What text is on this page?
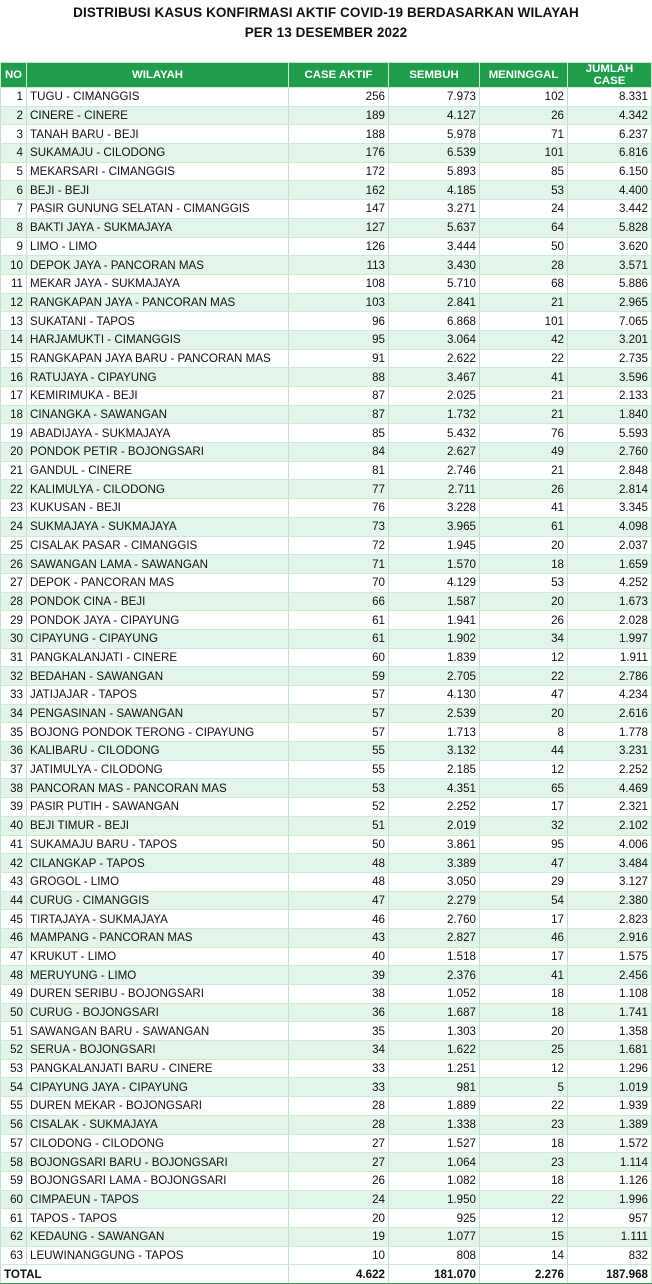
DISTRIBUSI KASUS KONFIRMASI AKTIF COVID-19 BERDASARKAN WILAYAH
PER 13 DESEMBER 2022
NO	WILAYAH	CASE AKTIF	SEMBUH	MENINGGAL	JUMLAH CASE
1	TUGU - CIMANGGIS	256	7.973	102	8.331
2	CINERE - CINERE	189	4.127	26	4.342
3	TANAH BARU - BEJI	188	5.978	71	6.237
4	SUKAMAJU - CILODONG	176	6.539	101	6.816
5	MEKARSARI - CIMANGGIS	172	5.893	85	6.150
6	BEJI - BEJI	162	4.185	53	4.400
7	PASIR GUNUNG SELATAN - CIMANGGIS	147	3.271	24	3.442
8	BAKTI JAYA - SUKMAJAYA	127	5.637	64	5.828
9	LIMO - LIMO	126	3.444	50	3.620
10	DEPOK JAYA - PANCORAN MAS	113	3.430	28	3.571
11	MEKAR JAYA - SUKMAJAYA	108	5.710	68	5.886
12	RANGKAPAN JAYA - PANCORAN MAS	103	2.841	21	2.965
13	SUKATANI - TAPOS	96	6.868	101	7.065
14	HARJAMUKTI - CIMANGGIS	95	3.064	42	3.201
15	RANGKAPAN JAYA BARU - PANCORAN MAS	91	2.622	22	2.735
16	RATUJAYA - CIPAYUNG	88	3.467	41	3.596
17	KEMIRIMUKA - BEJI	87	2.025	21	2.133
18	CINANGKA - SAWANGAN	87	1.732	21	1.840
19	ABADIJAYA - SUKMAJAYA	85	5.432	76	5.593
20	PONDOK PETIR - BOJONGSARI	84	2.627	49	2.760
21	GANDUL - CINERE	81	2.746	21	2.848
22	KALIMULYA - CILODONG	77	2.711	26	2.814
23	KUKUSAN - BEJI	76	3.228	41	3.345
24	SUKMAJAYA - SUKMAJAYA	73	3.965	61	4.098
25	CISALAK PASAR - CIMANGGIS	72	1.945	20	2.037
26	SAWANGAN LAMA - SAWANGAN	71	1.570	18	1.659
27	DEPOK - PANCORAN MAS	70	4.129	53	4.252
28	PONDOK CINA - BEJI	66	1.587	20	1.673
29	PONDOK JAYA - CIPAYUNG	61	1.941	26	2.028
30	CIPAYUNG - CIPAYUNG	61	1.902	34	1.997
31	PANGKALANJATI - CINERE	60	1.839	12	1.911
32	BEDAHAN - SAWANGAN	59	2.705	22	2.786
33	JATIJAJAR - TAPOS	57	4.130	47	4.234
34	PENGASINAN - SAWANGAN	57	2.539	20	2.616
35	BOJONG PONDOK TERONG - CIPAYUNG	57	1.713	8	1.778
36	KALIBARU - CILODONG	55	3.132	44	3.231
37	JATIMULYA - CILODONG	55	2.185	12	2.252
38	PANCORAN MAS - PANCORAN MAS	53	4.351	65	4.469
39	PASIR PUTIH - SAWANGAN	52	2.252	17	2.321
40	BEJI TIMUR - BEJI	51	2.019	32	2.102
41	SUKAMAJU BARU - TAPOS	50	3.861	95	4.006
42	CILANGKAP - TAPOS	48	3.389	47	3.484
43	GROGOL - LIMO	48	3.050	29	3.127
44	CURUG - CIMANGGIS	47	2.279	54	2.380
45	TIRTAJAYA - SUKMAJAYA	46	2.760	17	2.823
46	MAMPANG - PANCORAN MAS	43	2.827	46	2.916
47	KRUKUT - LIMO	40	1.518	17	1.575
48	MERUYUNG - LIMO	39	2.376	41	2.456
49	DUREN SERIBU - BOJONGSARI	38	1.052	18	1.108
50	CURUG - BOJONGSARI	36	1.687	18	1.741
51	SAWANGAN BARU - SAWANGAN	35	1.303	20	1.358
52	SERUA - BOJONGSARI	34	1.622	25	1.681
53	PANGKALANJATI BARU - CINERE	33	1.251	12	1.296
54	CIPAYUNG JAYA - CIPAYUNG	33	981	5	1.019
55	DUREN MEKAR - BOJONGSARI	28	1.889	22	1.939
56	CISALAK - SUKMAJAYA	28	1.338	23	1.389
57	CILODONG - CILODONG	27	1.527	18	1.572
58	BOJONGSARI BARU - BOJONGSARI	27	1.064	23	1.114
59	BOJONGSARI LAMA - BOJONGSARI	26	1.082	18	1.126
60	CIMPAEUN - TAPOS	24	1.950	22	1.996
61	TAPOS - TAPOS	20	925	12	957
62	KEDAUNG - SAWANGAN	19	1.077	15	1.111
63	LEUWINANGGUNG - TAPOS	10	808	14	832
TOTAL		4.622	181.070	2.276	187.968
